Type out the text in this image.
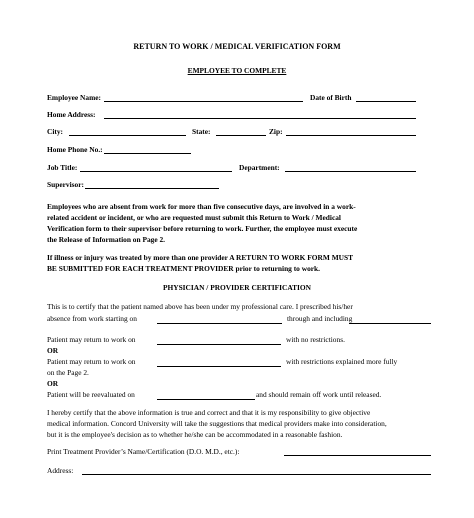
RETURN TO WORK / MEDICAL VERIFICATION FORM
EMPLOYEE TO COMPLETE
Employee Name:	Date of Birth
Home Address:
City:	State:	Zip:
Home Phone No.:
Job Title:	Department:
Supervisor:
Employees who are absent from work for more than five consecutive days, are involved in a work-
related accident or incident, or who are requested must submit this Return to Work / Medical
Verification form to their supervisor before returning to work. Further, the employee must execute
the Release of Information on Page 2.
If illness or injury was treated by more than one provider A RETURN TO WORK FORM MUST
BE SUBMITTED FOR EACH TREATMENT PROVIDER prior to returning to work.
PHYSICIAN / PROVIDER CERTIFICATION
This is to certify that the patient named above has been under my professional care. I prescribed his/her
absence from work starting on	through and including
Patient may return to work on	with no restrictions.
OR
Patient may return to work on	with restrictions explained more fully
on the Page 2.
OR
Patient will be reevaluated on	and should remain off work until released.
I hereby certify that the above information is true and correct and that it is my responsibility to give objective
medical information. Concord University will take the suggestions that medical providers make into consideration,
but it is the employee's decision as to whether he/she can be accommodated in a reasonable fashion.
Print Treatment Provider’s Name/Certification (D.O. M.D., etc.):
Address:
